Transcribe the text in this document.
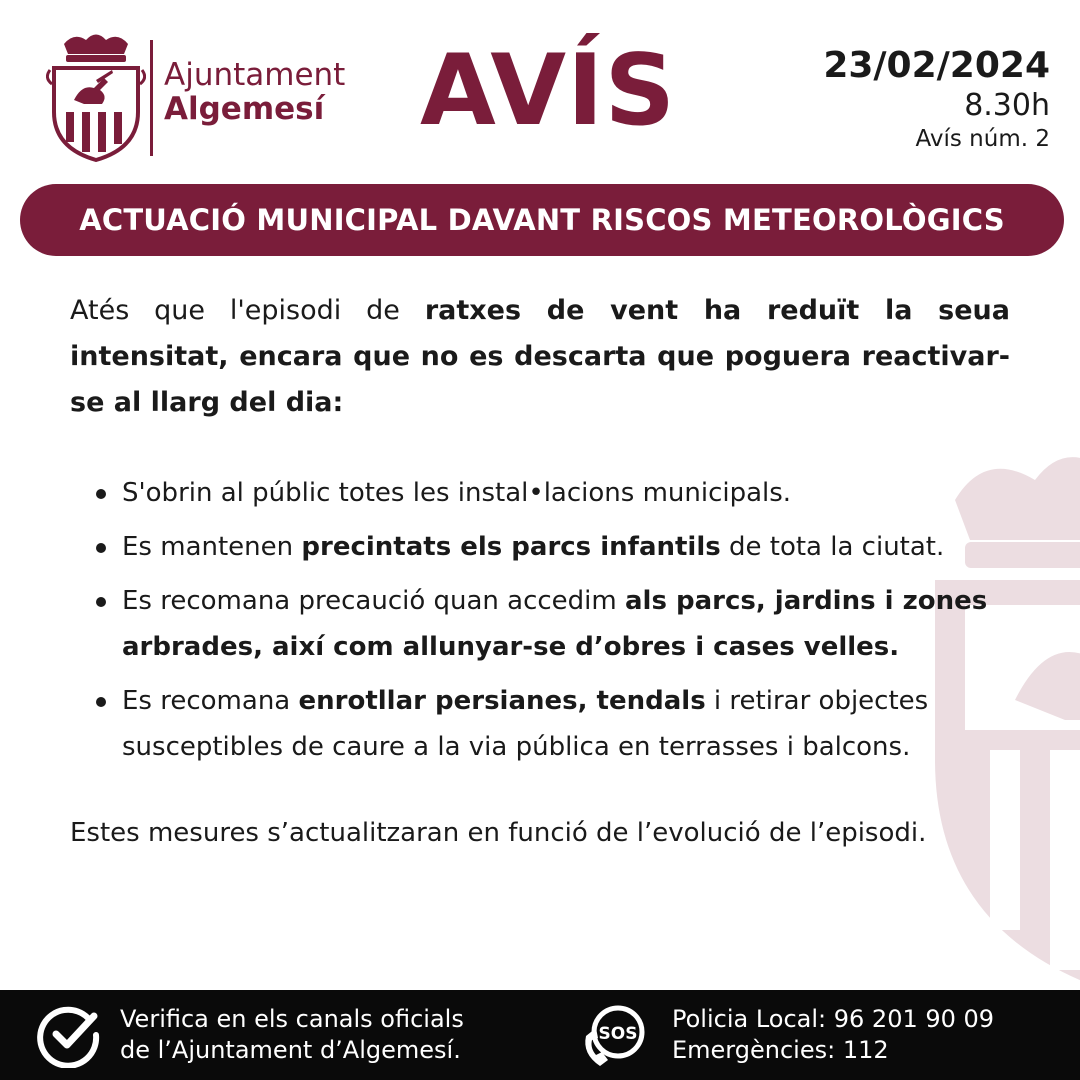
Ajuntament
Algemesí AVÍS	23/02/2024
8.30h
Avís núm. 2
ACTUACIÓ MUNICIPAL DAVANT RISCOS METEOROLÒGICS

Atés que l'episodi de ratxes de vent ha reduït la seua intensitat, encara que no es descarta que poguera reactivar-se al llarg del dia:

S'obrin al públic totes les instal•lacions municipals.
Es mantenen precintats els parcs infantils de tota la ciutat.
Es recomana precaució quan accedim als parcs, jardins i zones arbrades, així com allunyar-se d’obres i cases velles.
Es recomana enrotllar persianes, tendals i retirar objectes susceptibles de caure a la via pública en terrasses i balcons.

Estes mesures s’actualitzaran en funció de l’evolució de l’episodi.

Verifica en els canals oficials
de l’Ajuntament d’Algemesí.
SOS
Policia Local: 96 201 90 09
Emergències: 112
